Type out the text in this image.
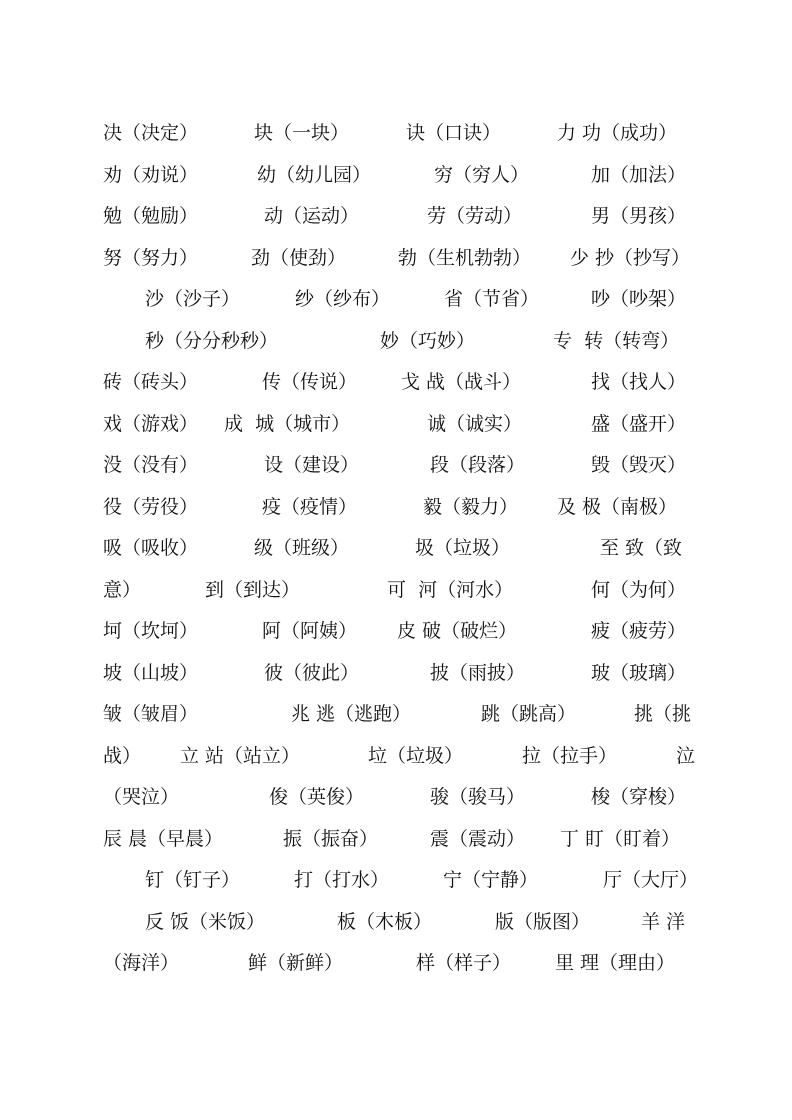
决（决定）	块（一块）	诀（口诀）	力 功（成功）
劝（劝说）	幼（幼儿园）	穷（穷人）	加（加法）
勉（勉励）	动（运动）	劳（劳动）	男（男孩）
努（努力）	劲（使劲）	勃（生机勃勃） 少 抄（抄写）
沙（沙子）	纱（纱布）	省（节省）	吵（吵架）
秒（分分秒秒）	妙（巧妙）	专  转（转弯）
砖（砖头）	传（传说） 戈 战（战斗）	找（找人）
戏（游戏） 成  城（城市）	诚（诚实）	盛（盛开）
没（没有）	设（建设）	段（段落）	毁（毁灭）
役（劳役）	疫（疫情）	毅（毅力） 及 极（南极）
吸（吸收）	级（班级）	圾（垃圾）	至 致（致
意）	到（到达）	可  河（河水）	何（为何）
坷（坎坷）	阿（阿姨） 皮 破（破烂）	疲（疲劳）
坡（山坡）	彼（彼此）	披（雨披）	玻（玻璃）
皱（皱眉）	兆 逃（逃跑）	跳（跳高）	挑（挑
战） 立 站（站立）	垃（垃圾）	拉（拉手）	泣
（哭泣）	俊（英俊）	骏（骏马）	梭（穿梭）
辰 晨（早晨）	振（振奋）	震（震动） 丁 盯（盯着）
钉（钉子）	打（打水）	宁（宁静）	厅（大厅）
反 饭（米饭）	板（木板）	版（版图）	羊 洋
（海洋）	鲜（新鲜）	样（样子） 里 理（理由）
